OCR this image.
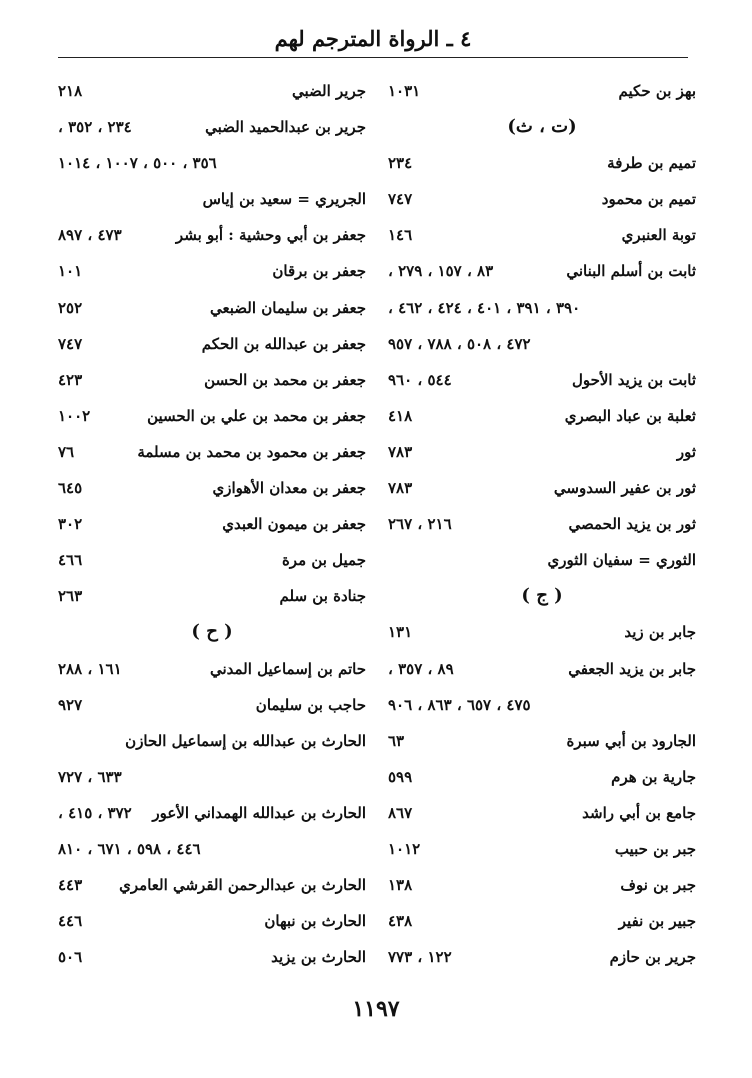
٤ ـ الرواة المترجم لهم
بهز بن حكيم
١٠٣١
(ت ، ث)
تميم بن طرفة
٢٣٤
تميم بن محمود
٧٤٧
توبة العنبري
١٤٦
ثابت بن أسلم البناني
٨٣ ، ١٥٧ ، ٢٧٩ ،
٣٩٠ ، ٣٩١ ، ٤٠١ ، ٤٢٤ ، ٤٦٢ ،
٤٧٢ ، ٥٠٨ ، ٧٨٨ ، ٩٥٧
ثابت بن يزيد الأحول
٥٤٤ ، ٩٦٠
ثعلبة بن عباد البصري
٤١٨
ثور
٧٨٣
ثور بن عفير السدوسي
٧٨٣
ثور بن يزيد الحمصي
٢١٦ ، ٢٦٧
الثوري = سفيان الثوري
( ج )
جابر بن زيد
١٣١
جابر بن يزيد الجعفي
٨٩ ، ٣٥٧ ،
٤٧٥ ، ٦٥٧ ، ٨٦٣ ، ٩٠٦
الجارود بن أبي سبرة
٦٣
جارية بن هرم
٥٩٩
جامع بن أبي راشد
٨٦٧
جبر بن حبيب
١٠١٢
جبر بن نوف
١٣٨
جبير بن نفير
٤٣٨
جرير بن حازم
١٢٢ ، ٧٧٣
جرير الضبي
٢١٨
جرير بن عبدالحميد الضبي
٢٣٤ ، ٣٥٢ ،
٣٥٦ ، ٥٠٠ ، ١٠٠٧ ، ١٠١٤
الجريري = سعيد بن إياس
جعفر بن أبي وحشية : أبو بشر
٤٧٣ ، ٨٩٧
جعفر بن برقان
١٠١
جعفر بن سليمان الضبعي
٢٥٢
جعفر بن عبدالله بن الحكم
٧٤٧
جعفر بن محمد بن الحسن
٤٢٣
جعفر بن محمد بن علي بن الحسين
١٠٠٢
جعفر بن محمود بن محمد بن مسلمة
٧٦
جعفر بن معدان الأهوازي
٦٤٥
جعفر بن ميمون العبدي
٣٠٢
جميل بن مرة
٤٦٦
جنادة بن سلم
٢٦٣
( ح )
حاتم بن إسماعيل المدني
١٦١ ، ٢٨٨
حاجب بن سليمان
٩٢٧
الحارث بن عبدالله بن إسماعيل الحازن
٦٣٣ ، ٧٢٧
الحارث بن عبدالله الهمداني الأعور
٣٧٢ ، ٤١٥ ،
٤٤٦ ، ٥٩٨ ، ٦٧١ ، ٨١٠
الحارث بن عبدالرحمن القرشي العامري
٤٤٣
الحارث بن نبهان
٤٤٦
الحارث بن يزيد
٥٠٦
١١٩٧
